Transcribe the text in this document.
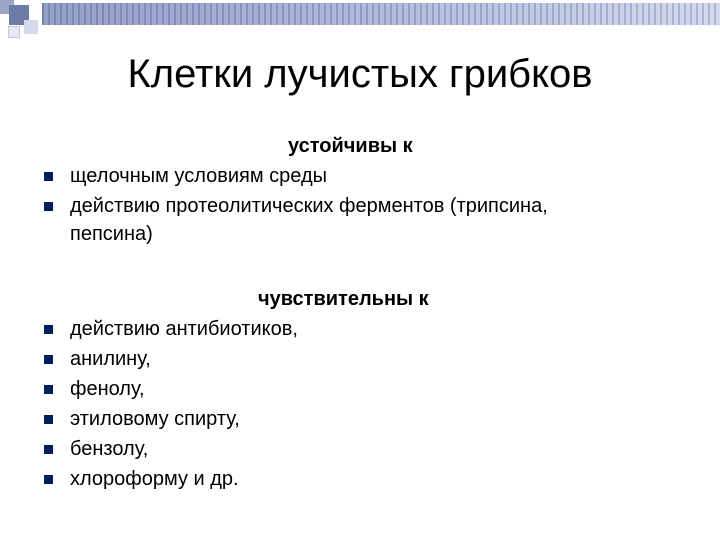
Клетки лучистых грибков
устойчивы к
щелочным условиям среды
действию протеолитических ферментов (трипсина, пепсина)
чувствительны к
действию антибиотиков,
анилину,
фенолу,
этиловому спирту,
бензолу,
хлороформу и др.
